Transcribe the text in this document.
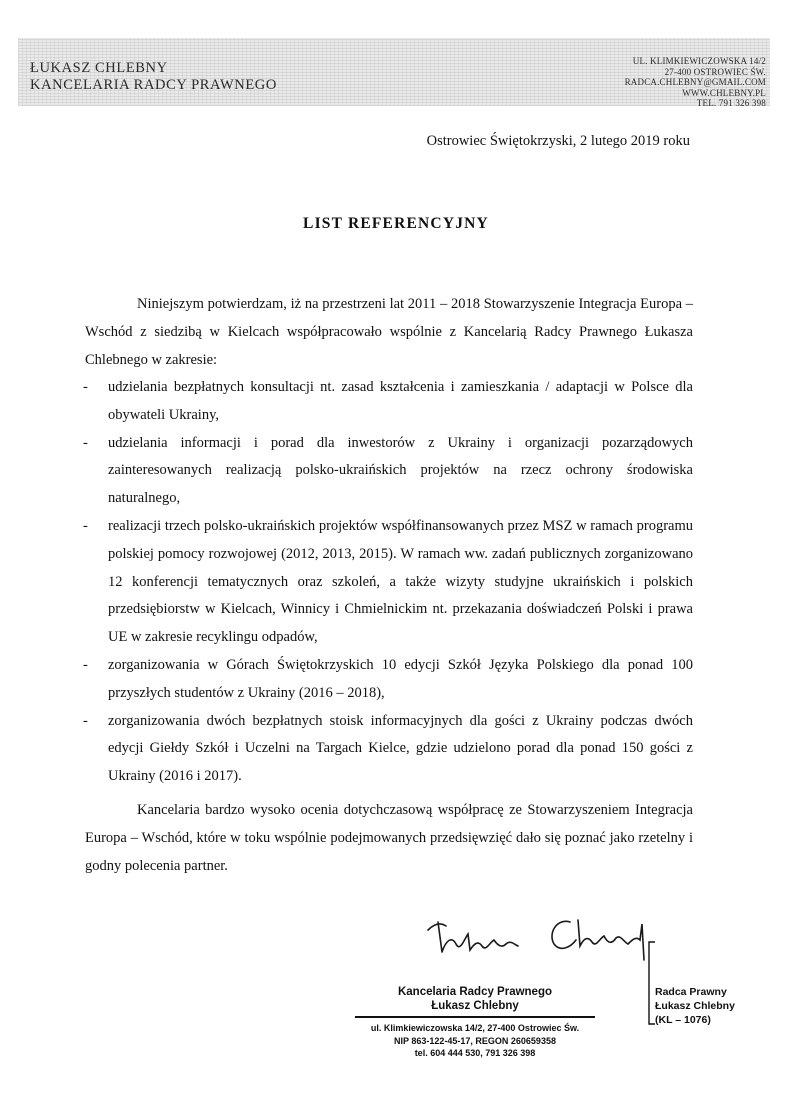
ŁUKASZ CHLEBNY
KANCELARIA RADCY PRAWNEGO
UL. KLIMKIEWICZOWSKA 14/2
27-400 OSTROWIEC ŚW.
RADCA.CHLEBNY@GMAIL.COM
WWW.CHLEBNY.PL
TEL. 791 326 398
Ostrowiec Świętokrzyski, 2 lutego 2019 roku
LIST REFERENCYJNY

Niniejszym potwierdzam, iż na przestrzeni lat 2011 – 2018 Stowarzyszenie Integracja Europa – Wschód z siedzibą w Kielcach współpracowało wspólnie z Kancelarią Radcy Prawnego Łukasza Chlebnego w zakresie:

- udzielania bezpłatnych konsultacji nt. zasad kształcenia i zamieszkania / adaptacji w Polsce dla obywateli Ukrainy,
- udzielania informacji i porad dla inwestorów z Ukrainy i organizacji pozarządowych zainteresowanych realizacją polsko-ukraińskich projektów na rzecz ochrony środowiska naturalnego,
- realizacji trzech polsko-ukraińskich projektów współfinansowanych przez MSZ w ramach programu polskiej pomocy rozwojowej (2012, 2013, 2015). W ramach ww. zadań publicznych zorganizowano 12 konferencji tematycznych oraz szkoleń, a także wizyty studyjne ukraińskich i polskich przedsiębiorstw w Kielcach, Winnicy i Chmielnickim nt. przekazania doświadczeń Polski i prawa UE w zakresie recyklingu odpadów,
- zorganizowania w Górach Świętokrzyskich 10 edycji Szkół Języka Polskiego dla ponad 100 przyszłych studentów z Ukrainy (2016 – 2018),
- zorganizowania dwóch bezpłatnych stoisk informacyjnych dla gości z Ukrainy podczas dwóch edycji Giełdy Szkół i Uczelni na Targach Kielce, gdzie udzielono porad dla ponad 150 gości z Ukrainy (2016 i 2017).

Kancelaria bardzo wysoko ocenia dotychczasową współpracę ze Stowarzyszeniem Integracja Europa – Wschód, które w toku wspólnie podejmowanych przedsięwzięć dało się poznać jako rzetelny i godny polecenia partner.

Kancelaria Radcy Prawnego
Łukasz Chlebny
ul. Klimkiewiczowska 14/2, 27-400 Ostrowiec Św.
NIP 863-122-45-17, REGON 260659358
tel. 604 444 530, 791 326 398
Radca Prawny
Łukasz Chlebny
(KL – 1076)
